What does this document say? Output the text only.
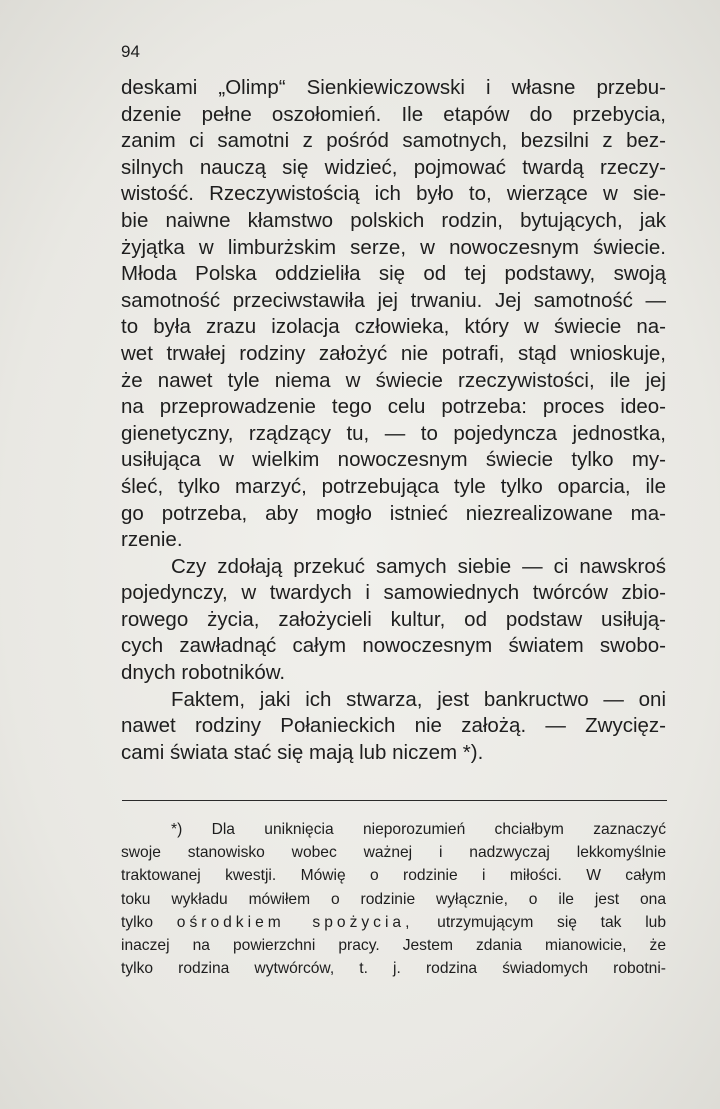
94
deskami „Olimp“ Sienkiewiczowski i własne przebu-
dzenie pełne oszołomień. Ile etapów do przebycia,
zanim ci samotni z pośród samotnych, bezsilni z bez-
silnych nauczą się widzieć, pojmować twardą rzeczy-
wistość. Rzeczywistością ich było to, wierzące w sie-
bie naiwne kłamstwo polskich rodzin, bytujących, jak
żyjątka w limburżskim serze, w nowoczesnym świecie.
Młoda Polska oddzieliła się od tej podstawy, swoją
samotność przeciwstawiła jej trwaniu. Jej samotność —
to była zrazu izolacja człowieka, który w świecie na-
wet trwałej rodziny założyć nie potrafi, stąd wnioskuje,
że nawet tyle niema w świecie rzeczywistości, ile jej
na przeprowadzenie tego celu potrzeba: proces ideo-
gienetyczny, rządzący tu, — to pojedyncza jednostka,
usiłująca w wielkim nowoczesnym świecie tylko my-
śleć, tylko marzyć, potrzebująca tyle tylko oparcia, ile
go potrzeba, aby mogło istnieć niezrealizowane ma-
rzenie.
Czy zdołają przekuć samych siebie — ci nawskroś
pojedynczy, w twardych i samowiednych twórców zbio-
rowego życia, założycieli kultur, od podstaw usiłują-
cych zawładnąć całym nowoczesnym światem swobo-
dnych robotników.
Faktem, jaki ich stwarza, jest bankructwo — oni
nawet rodziny Połanieckich nie założą. — Zwycięz-
cami świata stać się mają lub niczem *).
*) Dla uniknięcia nieporozumień chciałbym zaznaczyć
swoje stanowisko wobec ważnej i nadzwyczaj lekkomyślnie
traktowanej kwestji. Mówię o rodzinie i miłości. W całym
toku wykładu mówiłem o rodzinie wyłącznie, o ile jest ona
tylko ośrodkiem spożycia, utrzymującym się tak lub
inaczej na powierzchni pracy. Jestem zdania mianowicie, że
tylko rodzina wytwórców, t. j. rodzina świadomych robotni-
